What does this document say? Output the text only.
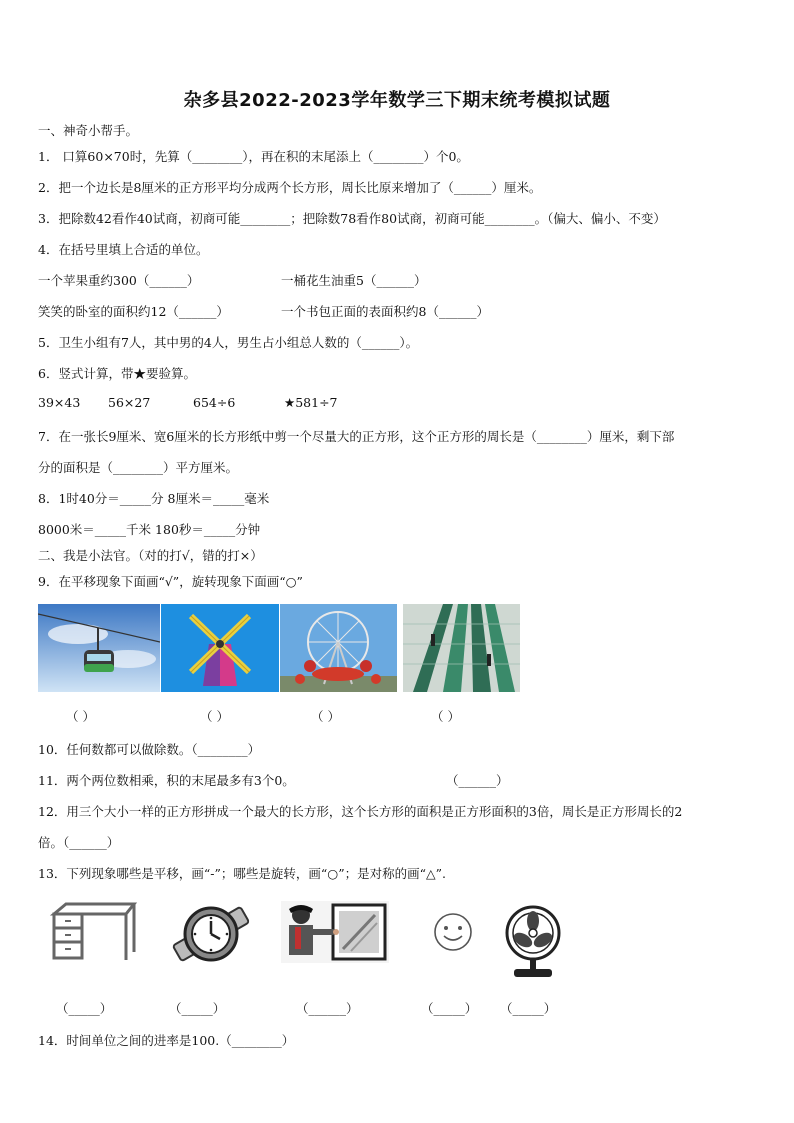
杂多县2022-2023学年数学三下期末统考模拟试题
一、神奇小帮手。
1． 口算60×70时，先算（________），再在积的末尾添上（________）个0。
2．把一个边长是8厘米的正方形平均分成两个长方形，周长比原来增加了（______）厘米。
3．把除数42看作40试商，初商可能________；把除数78看作80试商，初商可能________。（偏大、偏小、不变）
4．在括号里填上合适的单位。
一个苹果重约300（______）	一桶花生油重5（______）
笑笑的卧室的面积约12（______）	一个书包正面的表面积约8（______）
5．卫生小组有7人，其中男的4人，男生占小组总人数的（______）。
6．竖式计算，带★要验算。
39×43 56×27	654÷6	★581÷7
7．在一张长9厘米、宽6厘米的长方形纸中剪一个尽量大的正方形，这个正方形的周长是（________）厘米，剩下部
分的面积是（________）平方厘米。
8．1时40分＝_____分 8厘米＝_____毫米
8000米＝_____千米 180秒＝_____分钟
二、我是小法官。（对的打√，错的打×）
9．在平移现象下面画“√”，旋转现象下面画“○”
（ ）	（ ）	（ ）	（ ）
10．任何数都可以做除数。（________）
11．两个两位数相乘，积的末尾最多有3个0。	（______）
12．用三个大小一样的正方形拼成一个最大的长方形，这个长方形的面积是正方形面积的3倍，周长是正方形周长的2
倍。（______）
13．下列现象哪些是平移，画“-”；哪些是旋转，画“○”；是对称的画“△”.
（_____）	（_____）	（______）	（_____） （_____）
14．时间单位之间的进率是100.（________）
